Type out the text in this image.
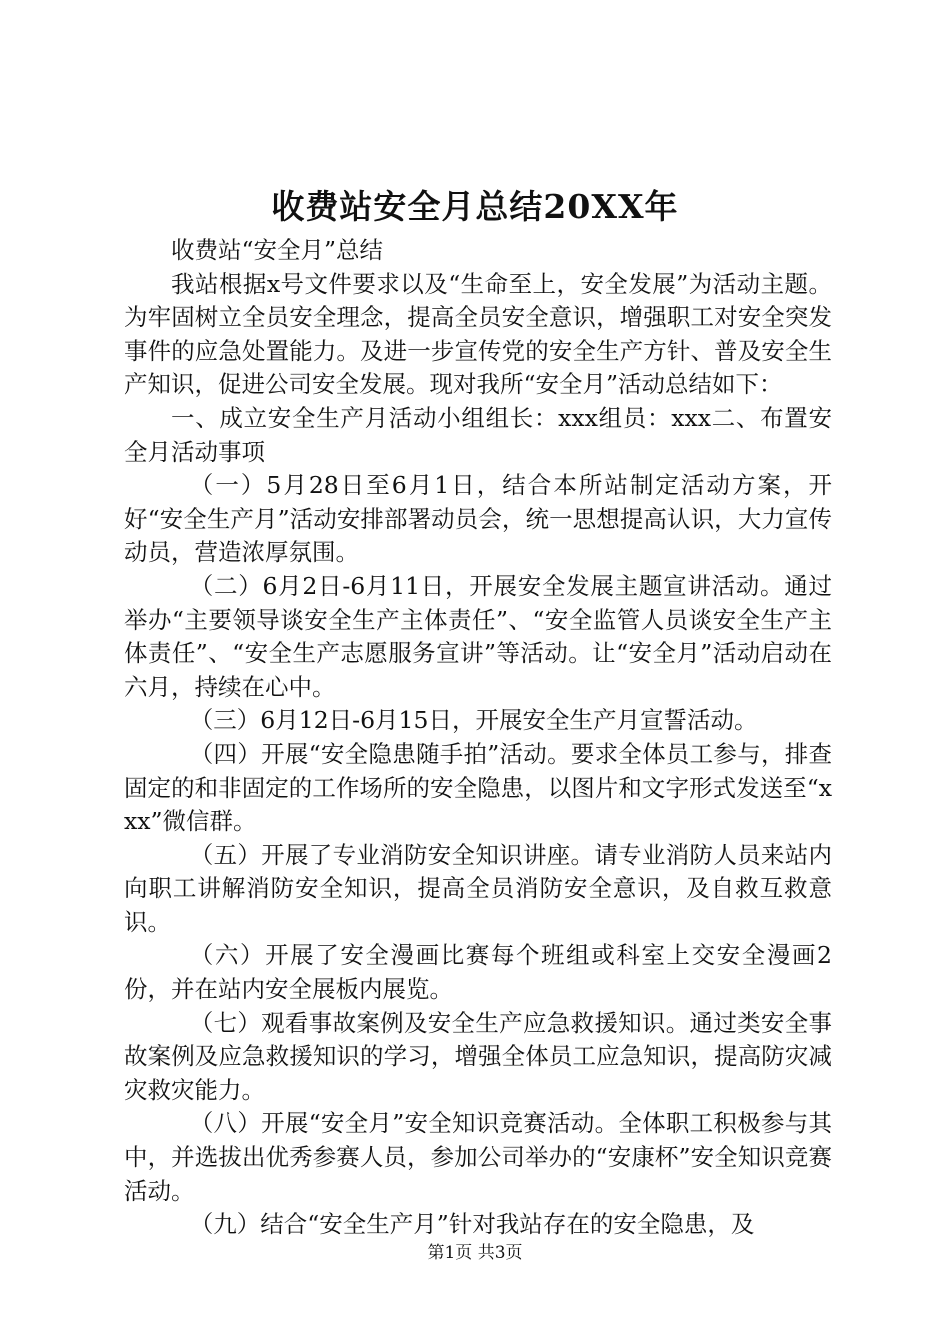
收费站安全月总结20XX年

收费站“安全月”总结

我站根据x号文件要求以及“生命至上，安全发展”为活动主题。为牢固树立全员安全理念，提高全员安全意识，增强职工对安全突发事件的应急处置能力。及进一步宣传党的安全生产方针、普及安全生产知识，促进公司安全发展。现对我所“安全月”活动总结如下：

一、成立安全生产月活动小组组长：xxx组员：xxx二、布置安全月活动事项

（一）5月28日至6月1日，结合本所站制定活动方案，开好“安全生产月”活动安排部署动员会，统一思想提高认识，大力宣传动员，营造浓厚氛围。

（二）6月2日-6月11日，开展安全发展主题宣讲活动。通过举办“主要领导谈安全生产主体责任”、“安全监管人员谈安全生产主体责任”、“安全生产志愿服务宣讲”等活动。让“安全月”活动启动在六月，持续在心中。

（三）6月12日-6月15日，开展安全生产月宣誓活动。

（四）开展“安全隐患随手拍”活动。要求全体员工参与，排查固定的和非固定的工作场所的安全隐患，以图片和文字形式发送至“xxx”微信群。

（五）开展了专业消防安全知识讲座。请专业消防人员来站内向职工讲解消防安全知识，提高全员消防安全意识，及自救互救意识。

（六）开展了安全漫画比赛每个班组或科室上交安全漫画2份，并在站内安全展板内展览。

（七）观看事故案例及安全生产应急救援知识。通过类安全事故案例及应急救援知识的学习，增强全体员工应急知识，提高防灾减灾救灾能力。

（八）开展“安全月”安全知识竞赛活动。全体职工积极参与其中，并选拔出优秀参赛人员，参加公司举办的“安康杯”安全知识竞赛活动。

（九）结合“安全生产月”针对我站存在的安全隐患，及

第1页 共3页
